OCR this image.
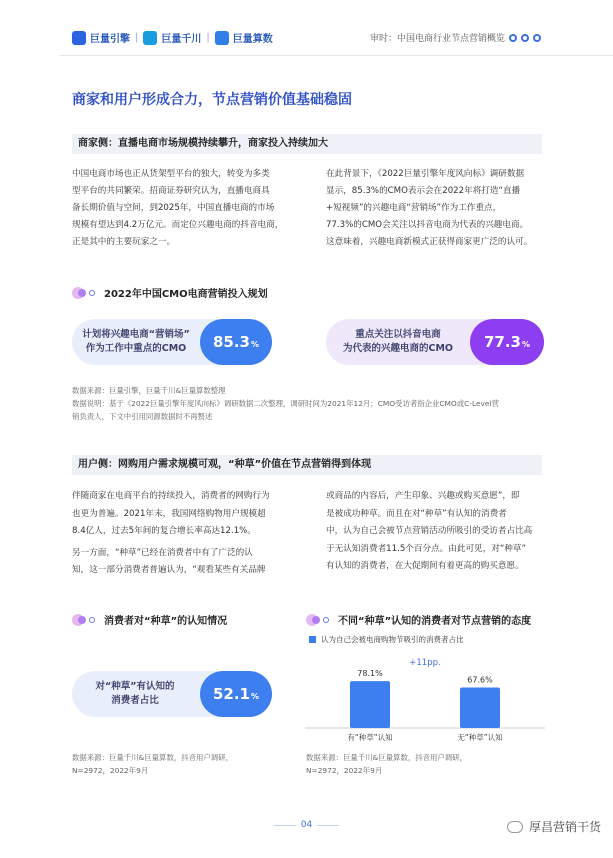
巨量引擎 | 巨量千川 | 巨量算数	审时：中国电商行业节点营销概览
商家和用户形成合力，节点营销价值基础稳固
商家侧：直播电商市场规模持续攀升，商家投入持续加大
中国电商市场也正从货架型平台的独大，转变为多类
型平台的共同繁荣。招商证券研究认为，直播电商具
备长期价值与空间，到2025年，中国直播电商的市场
规模有望达到4.2万亿元。而定位兴趣电商的抖音电商，
正是其中的主要玩家之一。
在此背景下，《2022巨量引擎年度风向标》调研数据
显示，85.3%的CMO表示会在2022年将打造“直播
+短视频”的兴趣电商“营销场”作为工作重点，
77.3%的CMO会关注以抖音电商为代表的兴趣电商。
这意味着，兴趣电商新模式正获得商家更广泛的认可。
2022年中国CMO电商营销投入规划
计划将兴趣电商“营销场”
作为工作中重点的CMO	85.3 %
重点关注以抖音电商
为代表的兴趣电商的CMO	77.3 %
数据来源：巨量引擎，巨量千川&巨量算数整理
数据说明：基于《2022巨量引擎年度风向标》调研数据二次整理，调研时间为2021年12月；CMO受访者指企业CMO或C-Level营
销负责人，下文中引用同源数据时不再赘述
用户侧：网购用户需求规模可观，“种草”价值在节点营销得到体现
伴随商家在电商平台的持续投入，消费者的网购行为
也更为普遍。2021年末，我国网络购物用户规模超
8.4亿人，过去5年间的复合增长率高达12.1%。
另一方面，“种草”已经在消费者中有了广泛的认
知，这一部分消费者普遍认为，“观看某些有关品牌
或商品的内容后，产生印象、兴趣或购买意愿”，即
是被成功种草。而且在对“种草”有认知的消费者
中，认为自己会被节点营销活动所吸引的受访者占比高
于无认知消费者11.5个百分点。由此可见，对“种草”
有认知的消费者，在大促期间有着更高的购买意愿。
消费者对“种草”的认知情况
对“种草”有认知的
消费者占比	52.1 %
数据来源：巨量千川&巨量算数，抖音用户调研，
N=2972，2022年9月
不同“种草”认知的消费者对节点营销的态度
认为自己会被电商购物节吸引的消费者占比
78.1%
有“种草”认知
67.6%
无“种草”认知
+11pp.
数据来源：巨量千川&巨量算数，抖音用户调研，
N=2972，2022年9月
04	厚昌营销干货
